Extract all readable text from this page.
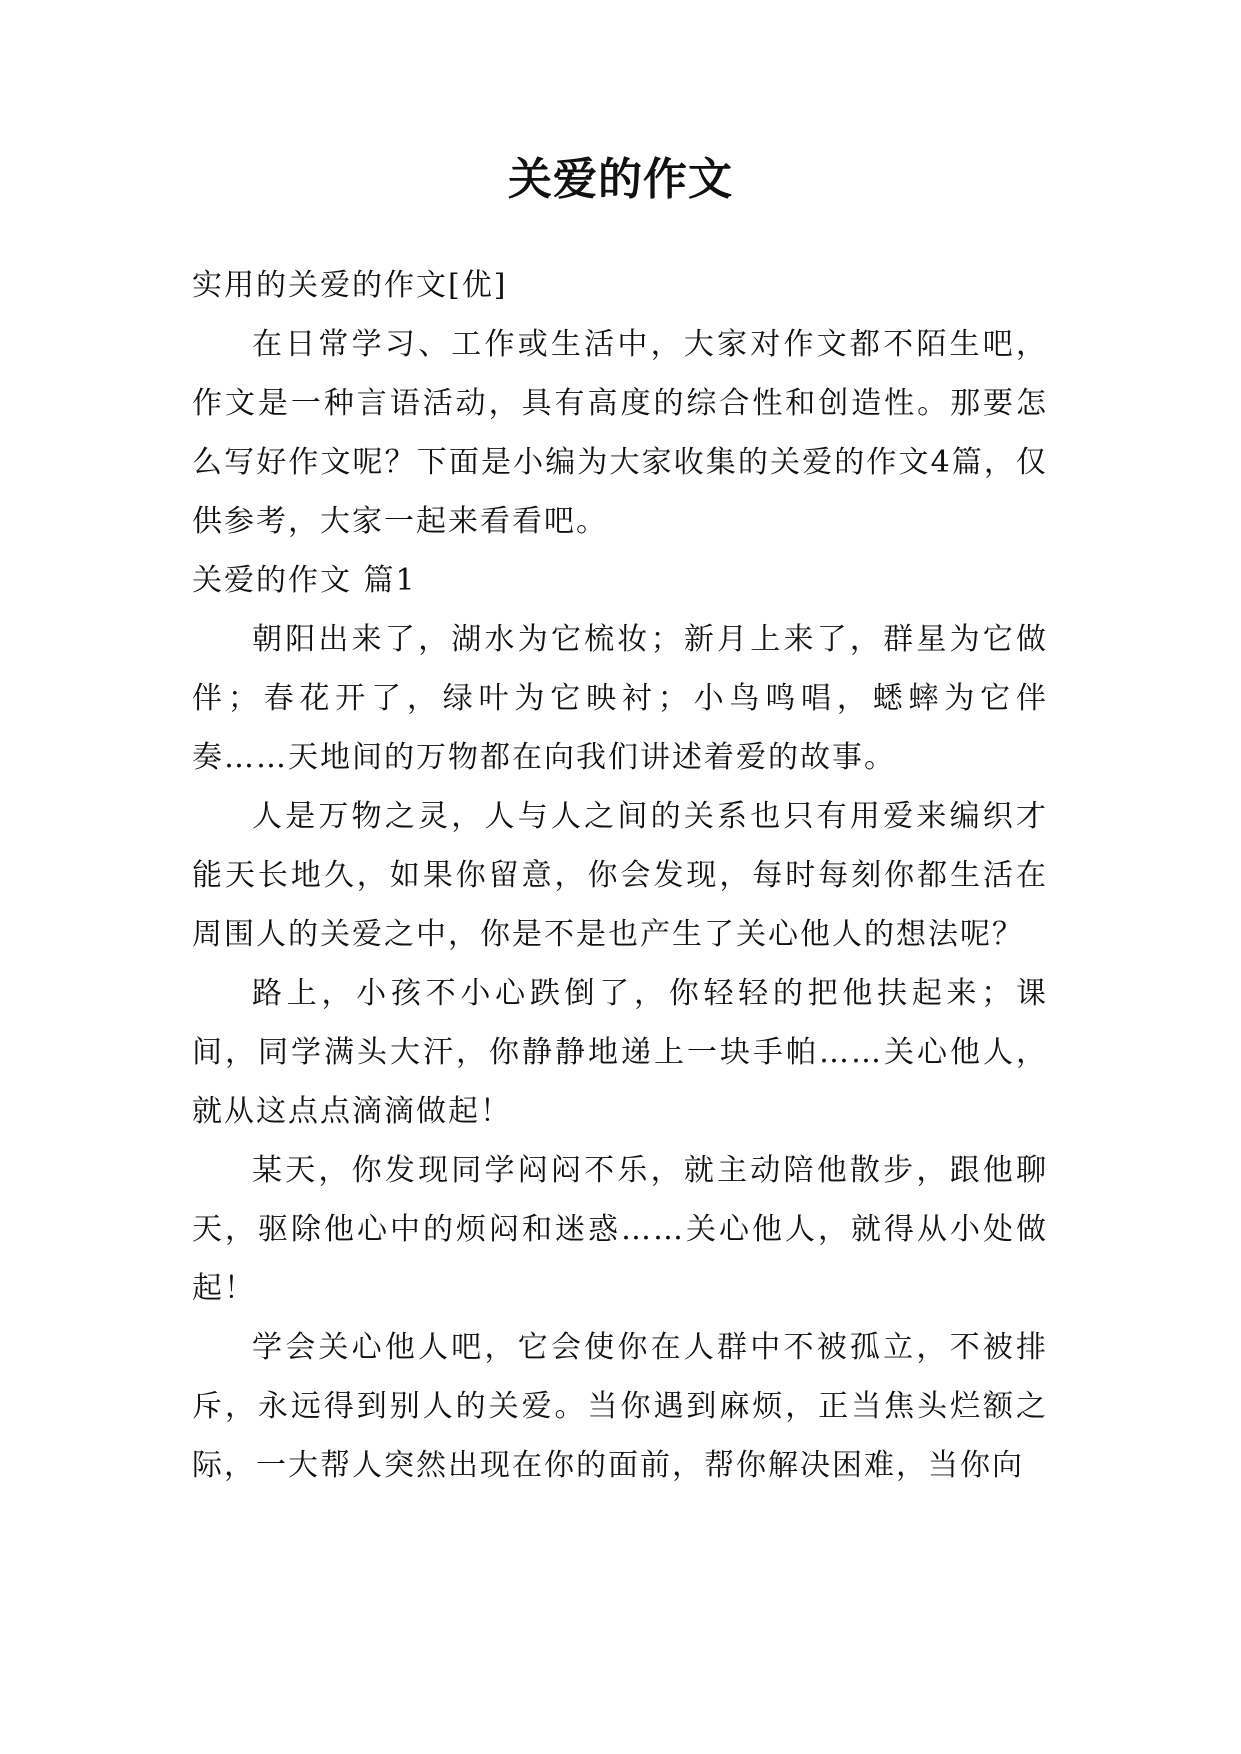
关爱的作文

实用的关爱的作文[优]

在日常学习、工作或生活中，大家对作文都不陌生吧，作文是一种言语活动，具有高度的综合性和创造性。那要怎么写好作文呢？下面是小编为大家收集的关爱的作文4篇，仅供参考，大家一起来看看吧。

关爱的作文 篇1

朝阳出来了，湖水为它梳妆；新月上来了，群星为它做伴；春花开了，绿叶为它映衬；小鸟鸣唱，蟋蟀为它伴奏……天地间的万物都在向我们讲述着爱的故事。

人是万物之灵，人与人之间的关系也只有用爱来编织才能天长地久，如果你留意，你会发现，每时每刻你都生活在周围人的关爱之中，你是不是也产生了关心他人的想法呢？

路上，小孩不小心跌倒了，你轻轻的把他扶起来；课间，同学满头大汗，你静静地递上一块手帕……关心他人，就从这点点滴滴做起！

某天，你发现同学闷闷不乐，就主动陪他散步，跟他聊天，驱除他心中的烦闷和迷惑……关心他人，就得从小处做起！

学会关心他人吧，它会使你在人群中不被孤立，不被排斥，永远得到别人的关爱。当你遇到麻烦，正当焦头烂额之际，一大帮人突然出现在你的面前，帮你解决困难，当你向
